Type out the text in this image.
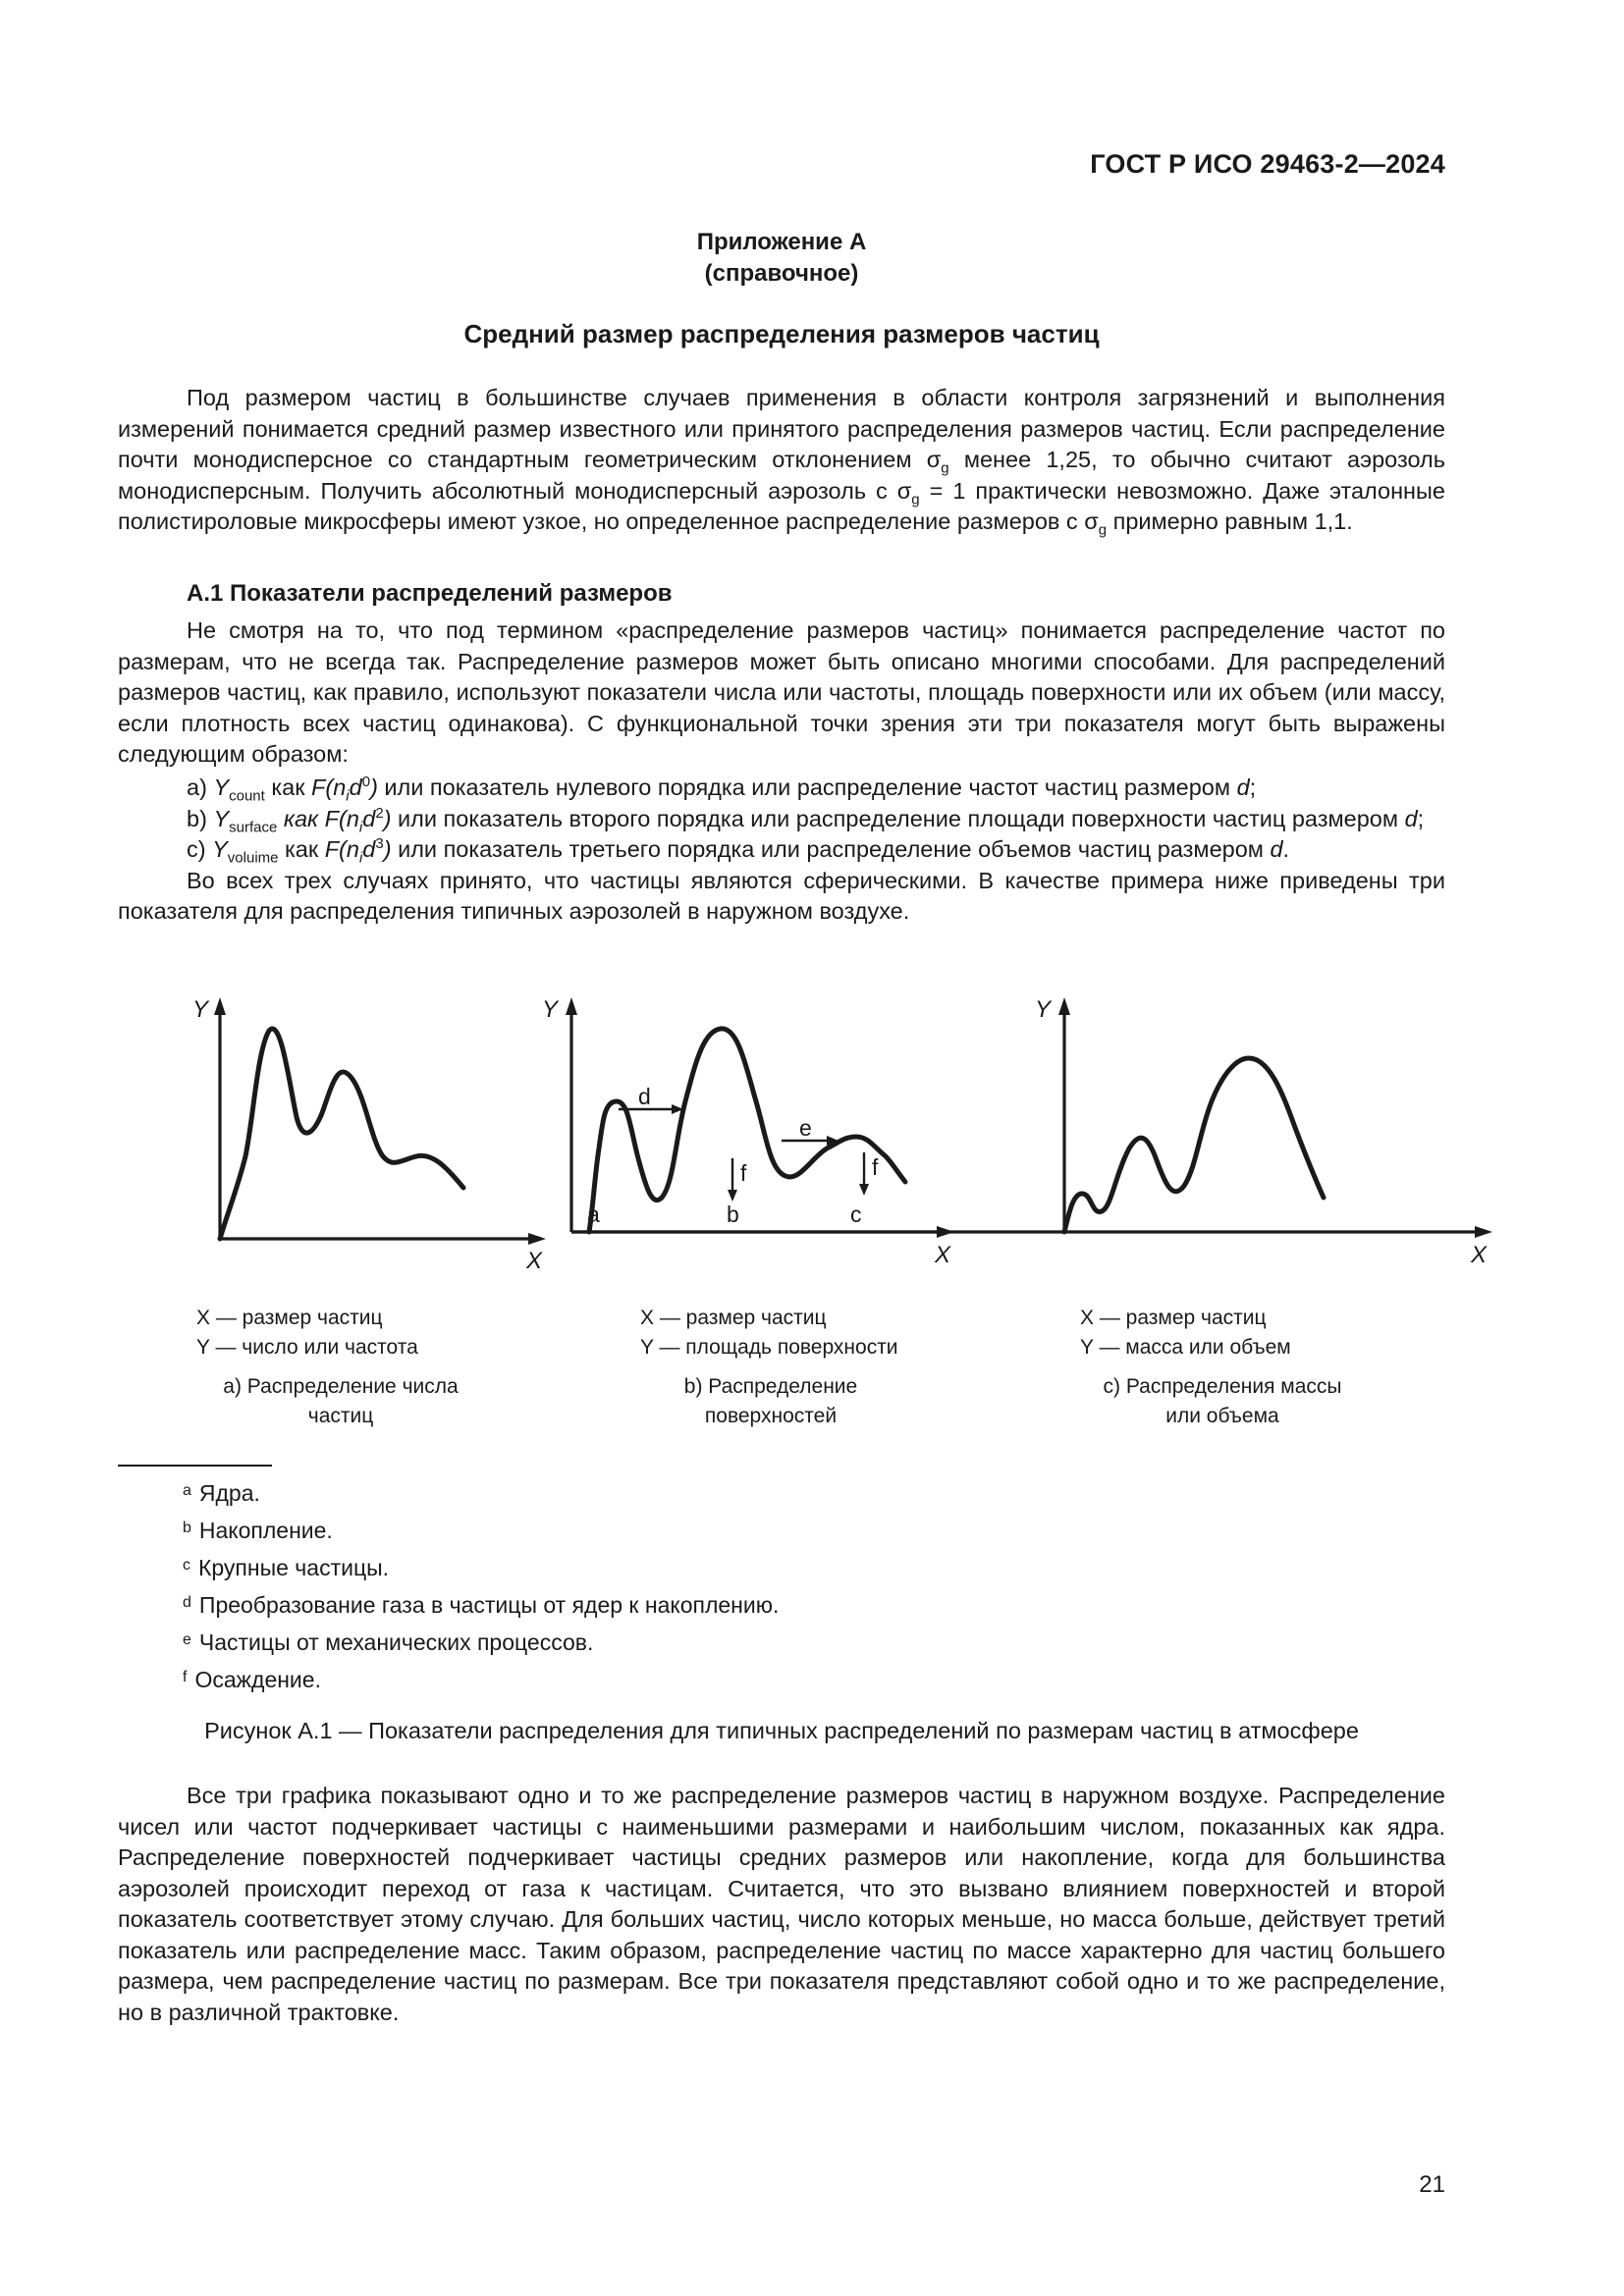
ГОСТ Р ИСО 29463-2—2024
Приложение А
(справочное)
Средний размер распределения размеров частиц
Под размером частиц в большинстве случаев применения в области контроля загрязнений и выполнения измерений понимается средний размер известного или принятого распределения размеров частиц. Если распределение почти монодисперсное со стандартным геометрическим отклонением $\sigma_g$ менее 1,25, то обычно считают аэрозоль монодисперсным. Получить абсолютный монодисперсный аэрозоль с $\sigma_g = 1$ практически невозможно. Даже эталонные полистироловые микросферы имеют узкое, но определенное распределение размеров с $\sigma_g$ примерно равным 1,1.
А.1 Показатели распределений размеров
Не смотря на то, что под термином «распределение размеров частиц» понимается распределение частот по размерам, что не всегда так. Распределение размеров может быть описано многими способами. Для распределений размеров частиц, как правило, используют показатели числа или частоты, площадь поверхности или их объем (или массу, если плотность всех частиц одинакова). С функциональной точки зрения эти три показателя могут быть выражены следующим образом:

а) $Y_{count}$ как $F(n_id^0)$ или показатель нулевого порядка или распределение частот частиц размером d;

b) $Y_{surface}$ как $F(n_id^2)$ или показатель второго порядка или распределение площади поверхности частиц размером d;

с) $Y_{voluime}$ как $F(n_id^3)$ или показатель третьего порядка или распределение объемов частиц размером d.

Во всех трех случаях принято, что частицы являются сферическими. В качестве примера ниже приведены три показателя для распределения типичных аэрозолей в наружном воздухе.

Y
X
X — размер частиц
Y — число или частота
а) Распределение числа
частиц
Y
d
e
f	f
a	b	c
X
X — размер частиц
Y — площадь поверхности
b) Распределение
поверхностей
Y
X
X — размер частиц
Y — масса или объем
с) Распределения массы
или объема
$^a$ Ядра.
$^b$ Накопление.
$^c$ Крупные частицы.
$^d$ Преобразование газа в частицы от ядер к накоплению.
$^e$ Частицы от механических процессов.
$^f$ Осаждение.
Рисунок А.1 — Показатели распределения для типичных распределений по размерам частиц в атмосфере
Все три графика показывают одно и то же распределение размеров частиц в наружном воздухе. Распределение чисел или частот подчеркивает частицы с наименьшими размерами и наибольшим числом, показанных как ядра. Распределение поверхностей подчеркивает частицы средних размеров или накопление, когда для большинства аэрозолей происходит переход от газа к частицам. Считается, что это вызвано влиянием поверхностей и второй показатель соответствует этому случаю. Для больших частиц, число которых меньше, но масса больше, действует третий показатель или распределение масс. Таким образом, распределение частиц по массе характерно для частиц большего размера, чем распределение частиц по размерам. Все три показателя представляют собой одно и то же распределение, но в различной трактовке.
21
